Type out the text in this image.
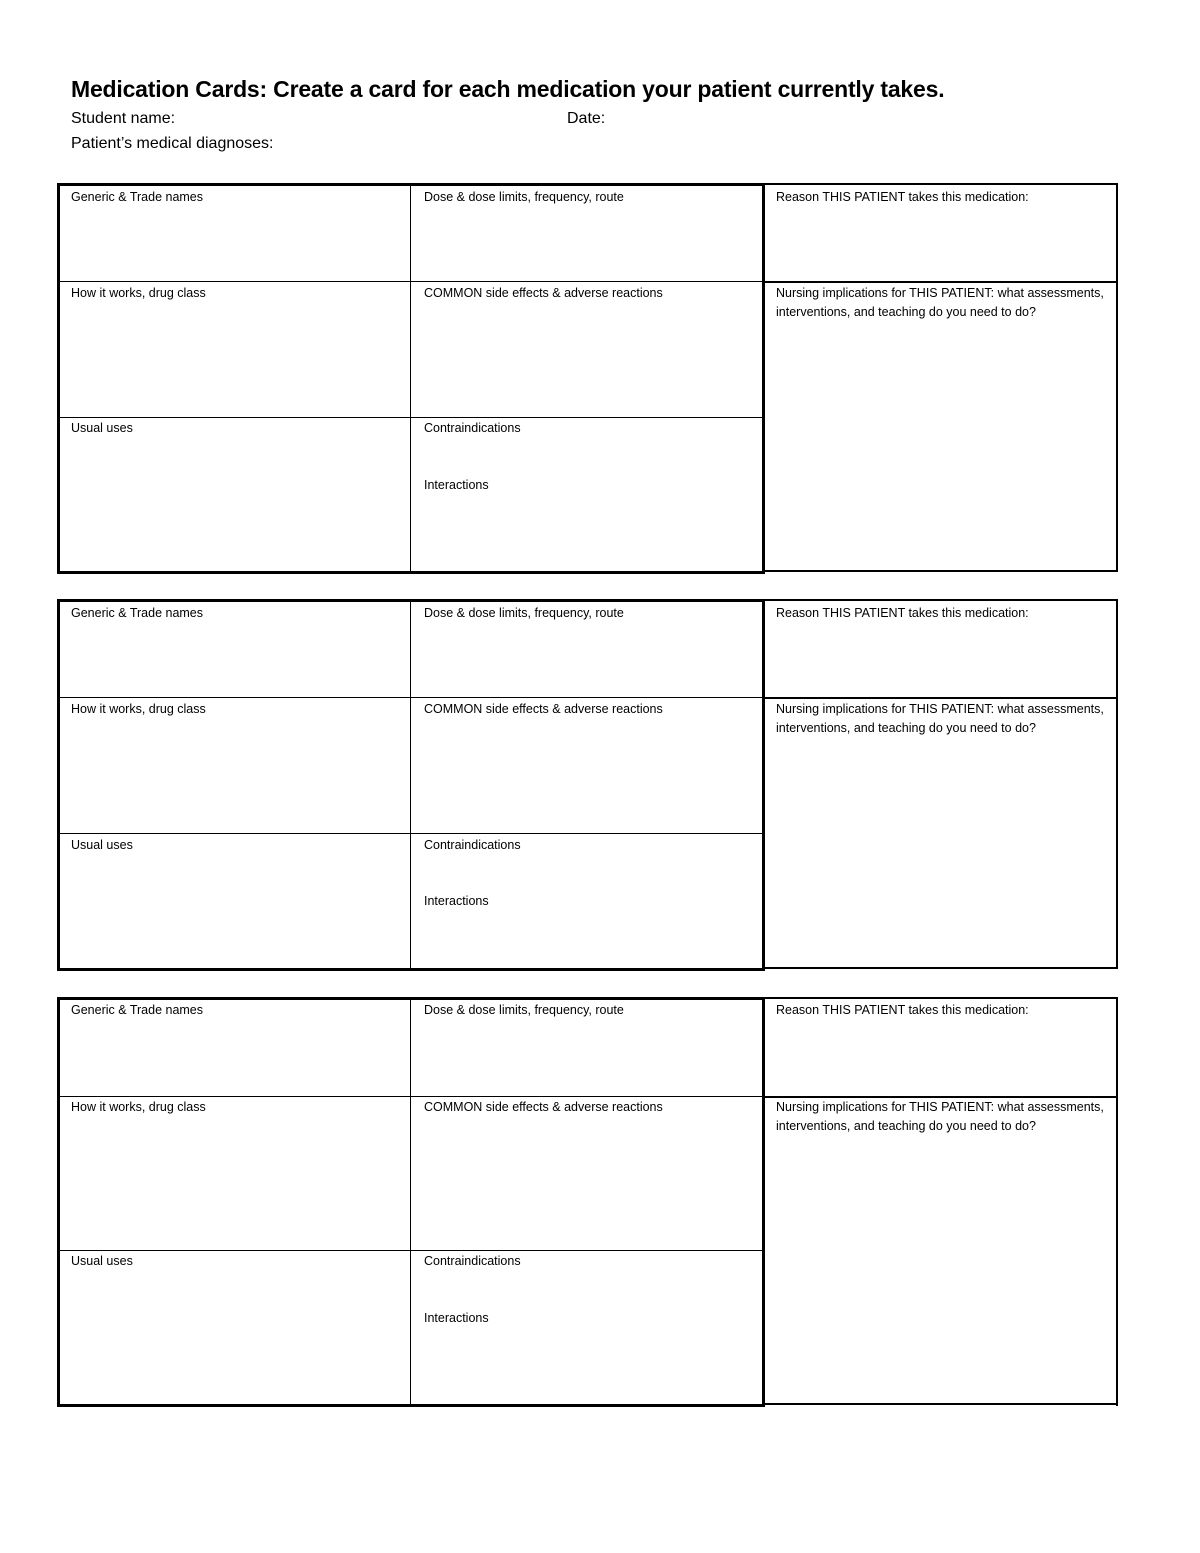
Medication Cards: Create a card for each medication your patient currently takes.
Student name:	Date:
Patient’s medical diagnoses:
Generic & Trade names	Dose & dose limits, frequency, route	Reason THIS PATIENT takes this medication:
How it works, drug class	COMMON side effects & adverse reactions	Nursing implications for THIS PATIENT: what assessments, interventions, and teaching do you need to do?
Usual uses	Contraindications
Interactions
Generic & Trade names	Dose & dose limits, frequency, route	Reason THIS PATIENT takes this medication:
How it works, drug class	COMMON side effects & adverse reactions	Nursing implications for THIS PATIENT: what assessments, interventions, and teaching do you need to do?
Usual uses	Contraindications
Interactions
Generic & Trade names	Dose & dose limits, frequency, route	Reason THIS PATIENT takes this medication:
How it works, drug class	COMMON side effects & adverse reactions	Nursing implications for THIS PATIENT: what assessments, interventions, and teaching do you need to do?
Usual uses	Contraindications
Interactions
